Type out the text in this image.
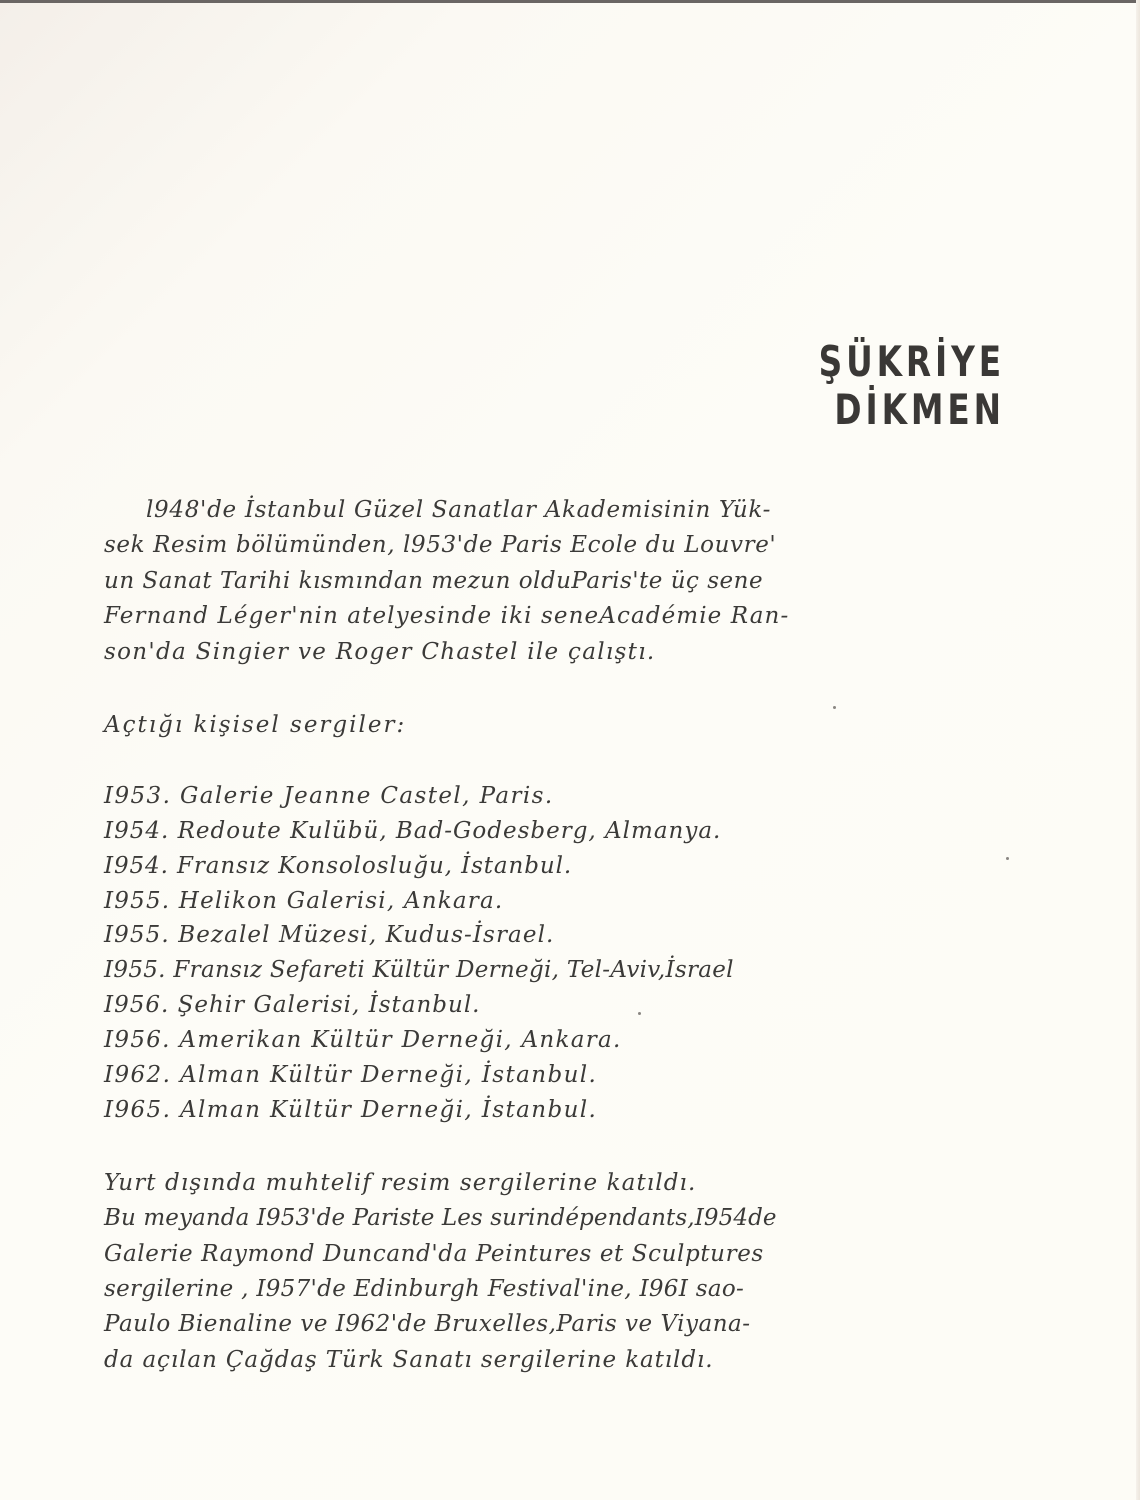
ŞÜKRİYE
DİKMEN
l948'de İstanbul Güzel Sanatlar Akademisinin Yük-
sek Resim bölümünden, l953'de Paris Ecole du Louvre'
un Sanat Tarihi kısmından mezun olduParis'te üç sene
Fernand Léger'nin atelyesinde iki seneAcadémie Ran-
son'da Singier ve Roger Chastel ile çalıştı.
Açtığı kişisel sergiler:
I953. Galerie Jeanne Castel, Paris.
I954. Redoute Kulübü, Bad-Godesberg, Almanya.
I954. Fransız Konsolosluğu, İstanbul.
I955. Helikon Galerisi, Ankara.
I955. Bezalel Müzesi, Kudus-İsrael.
I955. Fransız Sefareti Kültür Derneği, Tel-Aviv,İsrael
I956. Şehir Galerisi, İstanbul.
I956. Amerikan Kültür Derneği, Ankara.
I962. Alman Kültür Derneği, İstanbul.
I965. Alman Kültür Derneği, İstanbul.
Yurt dışında muhtelif resim sergilerine katıldı.
Bu meyanda I953'de Pariste Les surindépendants,I954de
Galerie Raymond Duncand'da Peintures et Sculptures
sergilerine , I957'de Edinburgh Festival'ine, I96I sao-
Paulo Bienaline ve I962'de Bruxelles,Paris ve Viyana-
da açılan Çağdaş Türk Sanatı sergilerine katıldı.
